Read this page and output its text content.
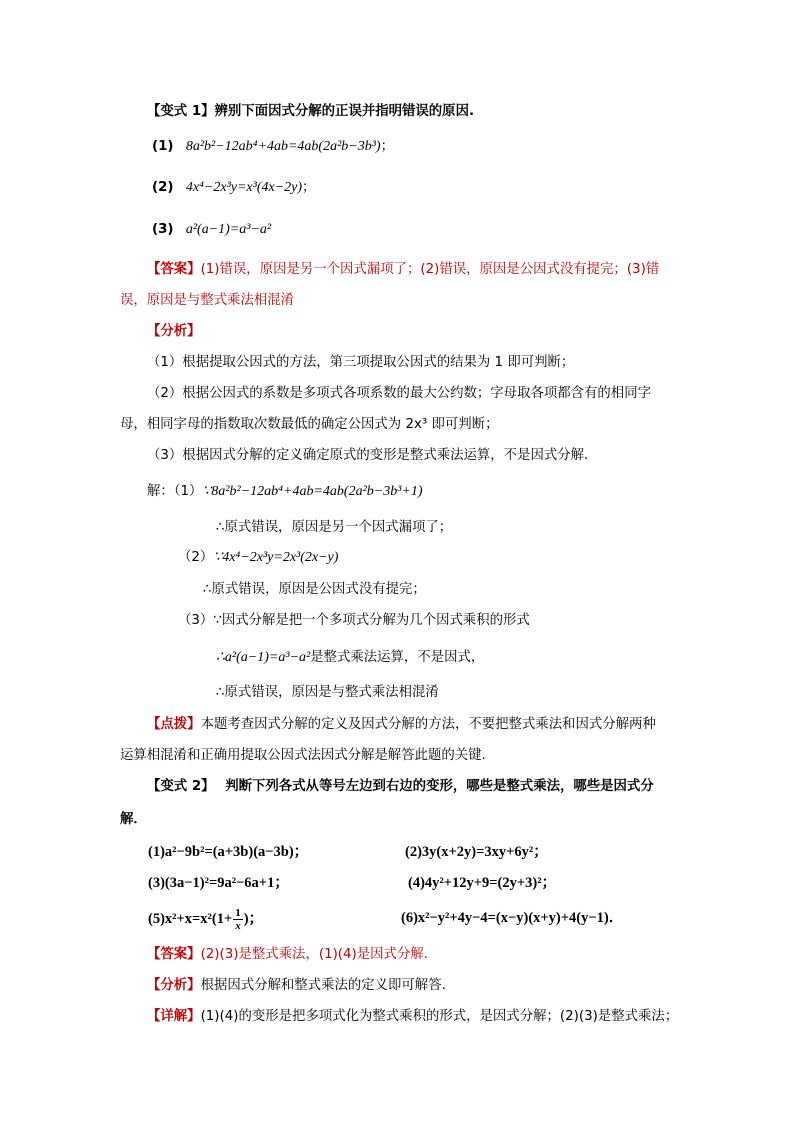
【变式 1】辨别下面因式分解的正误并指明错误的原因.
(1) 8a²b²−12ab⁴+4ab=4ab(2a²b−3b³)；
(2) 4x⁴−2x³y=x³(4x−2y)；
(3) a²(a−1)=a³−a²
【答案】(1)错误，原因是另一个因式漏项了；(2)错误，原因是公因式没有提完；(3)错
误，原因是与整式乘法相混淆
【分析】
（1）根据提取公因式的方法，第三项提取公因式的结果为 1 即可判断；
（2）根据公因式的系数是多项式各项系数的最大公约数；字母取各项都含有的相同字
母，相同字母的指数取次数最低的确定公因式为 2x³ 即可判断；
（3）根据因式分解的定义确定原式的变形是整式乘法运算，不是因式分解.
解：（1）∵8a²b²−12ab⁴+4ab=4ab(2a²b−3b³+1)
∴原式错误，原因是另一个因式漏项了；
（2）∵4x⁴−2x³y=2x³(2x−y)
∴原式错误，原因是公因式没有提完；
（3）∵因式分解是把一个多项式分解为几个因式乘积的形式
∴a²(a−1)=a³−a²是整式乘法运算，不是因式，
∴原式错误，原因是与整式乘法相混淆
【点拨】本题考查因式分解的定义及因式分解的方法，不要把整式乘法和因式分解两种
运算相混淆和正确用提取公因式法因式分解是解答此题的关键.
【变式 2】 判断下列各式从等号左边到右边的变形，哪些是整式乘法，哪些是因式分
解．
(1)a²−9b²=(a+3b)(a−3b)；	(2)3y(x+2y)=3xy+6y²；
(3)(3a−1)²=9a²−6a+1；	(4)4y²+12y+9=(2y+3)²；
$(5)x^2+x=x^2(1+ \frac{1}{x}$ )；	(6)x²−y²+4y−4=(x−y)(x+y)+4(y−1)．
【答案】(2)(3)是整式乘法，(1)(4)是因式分解．
【分析】根据因式分解和整式乘法的定义即可解答.
【详解】(1)(4)的变形是把多项式化为整式乘积的形式，是因式分解；(2)(3)是整式乘法；
